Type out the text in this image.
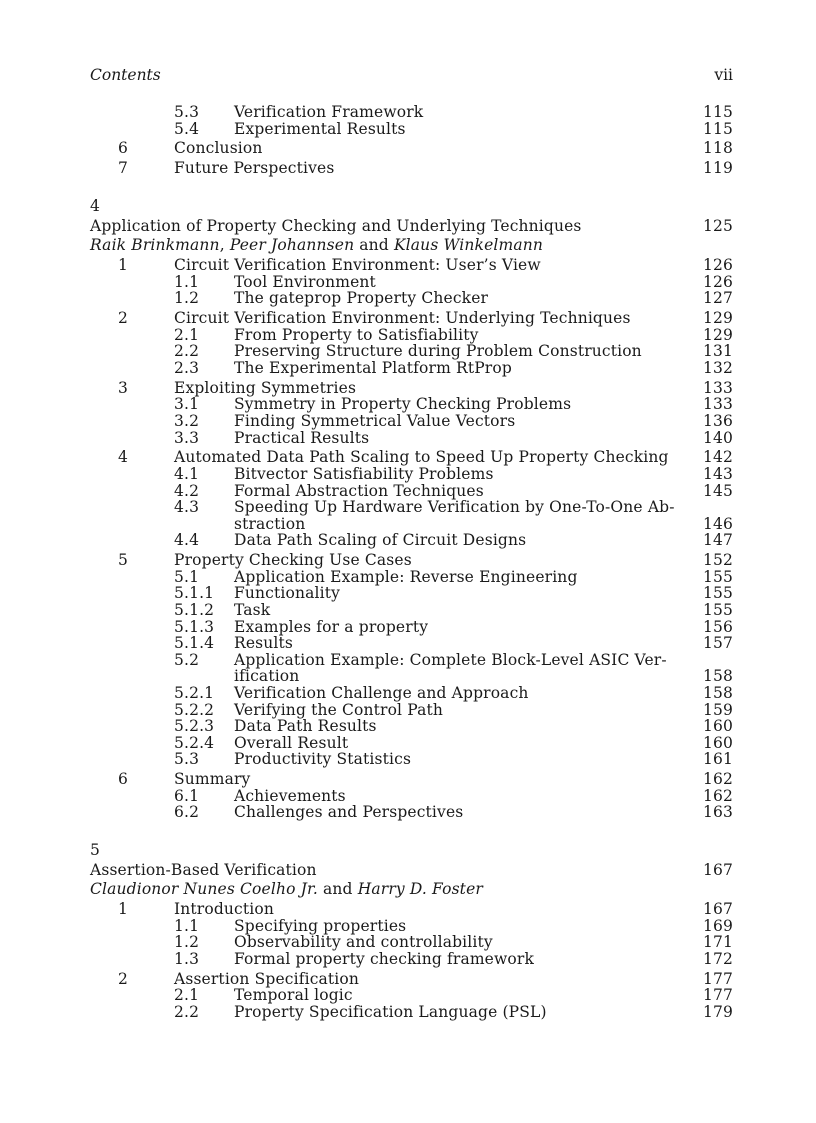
Contents	vii
5.3 Verification Framework	115
5.4 Experimental Results	115
6	Conclusion	118
7	Future Perspectives	119
4
Application of Property Checking and Underlying Techniques	125
Raik Brinkmann, Peer Johannsen and Klaus Winkelmann
1	Circuit Verification Environment: User’s View	126
1.1 Tool Environment	126
1.2 The gateprop Property Checker	127
2	Circuit Verification Environment: Underlying Techniques	129
2.1 From Property to Satisfiability	129
2.2 Preserving Structure during Problem Construction	131
2.3 The Experimental Platform RtProp	132
3	Exploiting Symmetries	133
3.1 Symmetry in Property Checking Problems	133
3.2 Finding Symmetrical Value Vectors	136
3.3 Practical Results	140
4	Automated Data Path Scaling to Speed Up Property Checking 142
4.1 Bitvector Satisfiability Problems	143
4.2 Formal Abstraction Techniques	145
4.3 Speeding Up Hardware Verification by One-To-One Ab-
straction	146
4.4 Data Path Scaling of Circuit Designs	147
5	Property Checking Use Cases	152
5.1 Application Example: Reverse Engineering	155
5.1.1 Functionality	155
5.1.2 Task	155
5.1.3 Examples for a property	156
5.1.4 Results	157
5.2 Application Example: Complete Block-Level ASIC Ver-
ification	158
5.2.1 Verification Challenge and Approach	158
5.2.2 Verifying the Control Path	159
5.2.3 Data Path Results	160
5.2.4 Overall Result	160
5.3 Productivity Statistics	161
6	Summary	162
6.1 Achievements	162
6.2 Challenges and Perspectives	163
5
Assertion-Based Verification	167
Claudionor Nunes Coelho Jr. and Harry D. Foster
1	Introduction	167
1.1 Specifying properties	169
1.2 Observability and controllability	171
1.3 Formal property checking framework	172
2	Assertion Specification	177
2.1 Temporal logic	177
2.2 Property Specification Language (PSL)	179
